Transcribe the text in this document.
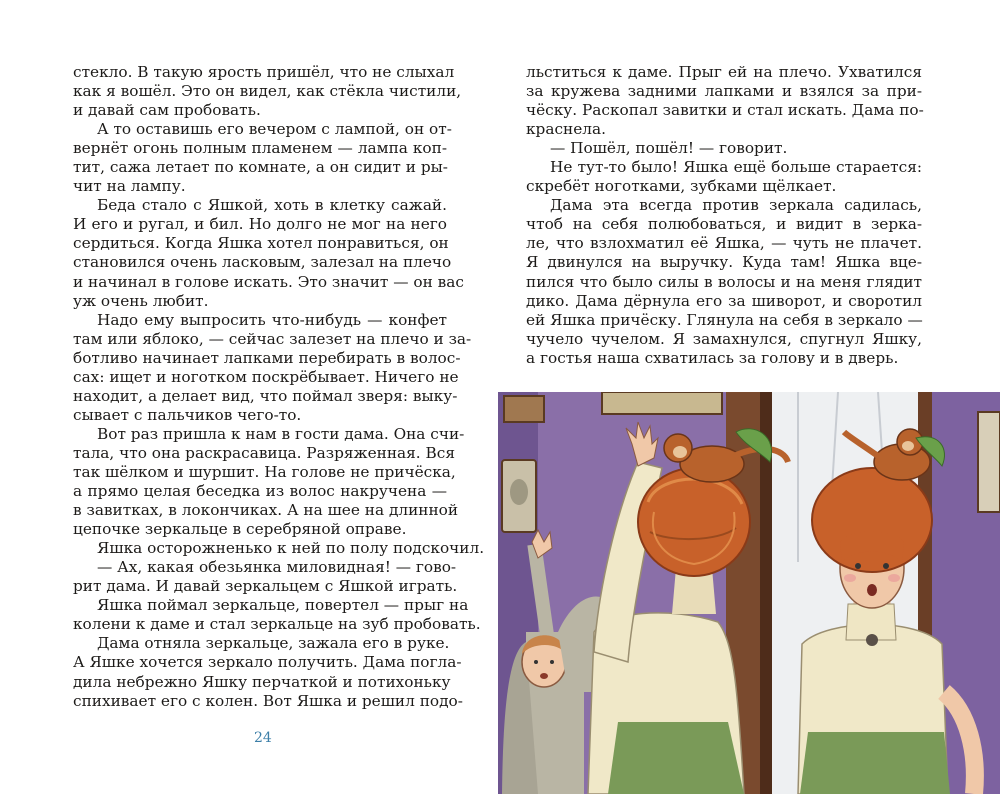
стекло. В такую ярость пришёл, что не слыхал

как я вошёл. Это он видел, как стёкла чистили,

и давай сам пробовать.

А то оставишь его вечером с лампой, он от-

вернёт огонь полным пламенем — лампа коп-

тит, сажа летает по комнате, а он сидит и ры-

чит на лампу.

Беда стало с Яшкой, хоть в клетку сажай.

И его и ругал, и бил. Но долго не мог на него

сердиться. Когда Яшка хотел понравиться, он

становился очень ласковым, залезал на плечо

и начинал в голове искать. Это значит — он вас

уж очень любит.

Надо ему выпросить что-нибудь — конфет

там или яблоко, — сейчас залезет на плечо и за-

ботливо начинает лапками перебирать в волос-

сах: ищет и ноготком поскрёбывает. Ничего не

находит, а делает вид, что поймал зверя: выку-

сывает с пальчиков чего-то.

Вот раз пришла к нам в гости дама. Она счи-

тала, что она раскрасавица. Разряженная. Вся

так шёлком и шуршит. На голове не причёска,

а прямо целая беседка из волос накручена —

в завитках, в локончиках. А на шее на длинной

цепочке зеркальце в серебряной оправе.

Яшка осторожненько к ней по полу подскочил.

— Ах, какая обезьянка миловидная! — гово-

рит дама. И давай зеркальцем с Яшкой играть.

Яшка поймал зеркальце, повертел — прыг на

колени к даме и стал зеркальце на зуб пробовать.

Дама отняла зеркальце, зажала его в руке.

А Яшке хочется зеркало получить. Дама погла-

дила небрежно Яшку перчаткой и потихоньку

спихивает его с колен. Вот Яшка и решил подо-

24

льститься к даме. Прыг ей на плечо. Ухватился

за кружева задними лапками и взялся за при-

чёску. Раскопал завитки и стал искать. Дама по-

краснела.

— Пошёл, пошёл! — говорит.

Не тут-то было! Яшка ещё больше старается:

скребёт ноготками, зубками щёлкает.

Дама эта всегда против зеркала садилась,

чтоб на себя полюбоваться, и видит в зерка-

ле, что взлохматил её Яшка, — чуть не плачет.

Я двинулся на выручку. Куда там! Яшка вце-

пился что было силы в волосы и на меня глядит

дико. Дама дёрнула его за шиворот, и своротил

ей Яшка причёску. Глянула на себя в зеркало —

чучело чучелом. Я замахнулся, спугнул Яшку,

а гостья наша схватилась за голову и в дверь.
